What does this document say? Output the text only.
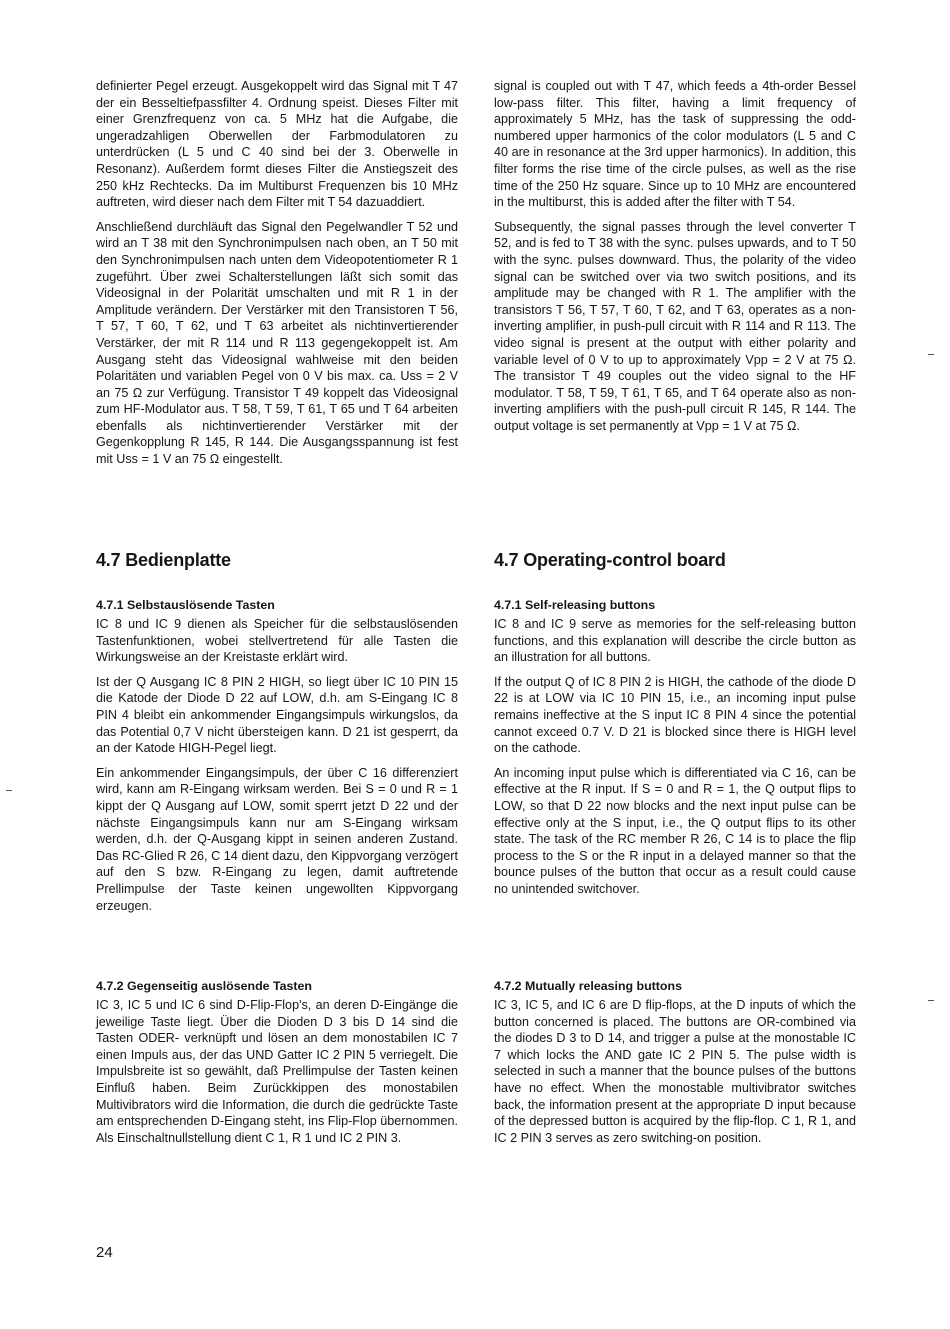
definierter Pegel erzeugt. Ausgekoppelt wird das Signal mit T 47 der ein Besseltiefpassfilter 4. Ordnung speist. Dieses Filter mit einer Grenzfrequenz von ca. 5 MHz hat die Aufgabe, die ungeradzahligen Oberwellen der Farbmodulatoren zu unterdrücken (L 5 und C 40 sind bei der 3. Oberwelle in Resonanz). Außerdem formt dieses Filter die Anstiegszeit des 250 kHz Rechtecks. Da im Multiburst Frequenzen bis 10 MHz auftreten, wird dieser nach dem Filter mit T 54 dazuaddiert.

Anschließend durchläuft das Signal den Pegelwandler T 52 und wird an T 38 mit den Synchronimpulsen nach oben, an T 50 mit den Synchronimpulsen nach unten dem Videopotentiometer R 1 zugeführt. Über zwei Schalterstellungen läßt sich somit das Videosignal in der Polarität umschalten und mit R 1 in der Amplitude verändern. Der Verstärker mit den Transistoren T 56, T 57, T 60, T 62, und T 63 arbeitet als nichtinvertierender Verstärker, der mit R 114 und R 113 gegengekoppelt ist. Am Ausgang steht das Videosignal wahlweise mit den beiden Polaritäten und variablen Pegel von 0 V bis max. ca. Uss = 2 V an 75 Ω zur Verfügung. Transistor T 49 koppelt das Videosignal zum HF-Modulator aus. T 58, T 59, T 61, T 65 und T 64 arbeiten ebenfalls als nichtinvertierender Verstärker mit der Gegenkopplung R 145, R 144. Die Ausgangsspannung ist fest mit Uss = 1 V an 75 Ω eingestellt.

signal is coupled out with T 47, which feeds a 4th-order Bessel low-pass filter. This filter, having a limit frequency of approximately 5 MHz, has the task of suppressing the odd-numbered upper harmonics of the color modulators (L 5 and C 40 are in resonance at the 3rd upper harmonics). In addition, this filter forms the rise time of the circle pulses, as well as the rise time of the 250 Hz square. Since up to 10 MHz are encountered in the multiburst, this is added after the filter with T 54.

Subsequently, the signal passes through the level converter T 52, and is fed to T 38 with the sync. pulses upwards, and to T 50 with the sync. pulses downward. Thus, the polarity of the video signal can be switched over via two switch positions, and its amplitude may be changed with R 1. The amplifier with the transistors T 56, T 57, T 60, T 62, and T 63, operates as a non-inverting amplifier, in push-pull circuit with R 114 and R 113. The video signal is present at the output with either polarity and variable level of 0 V to up to approximately Vpp = 2 V at 75 Ω. The transistor T 49 couples out the video signal to the HF modulator. T 58, T 59, T 61, T 65, and T 64 operate also as non-inverting amplifiers with the push-pull circuit R 145, R 144. The output voltage is set permanently at Vpp = 1 V at 75 Ω.

4.7 Bedienplatte	4.7 Operating-control board
4.7.1 Selbstauslösende Tasten

IC 8 und IC 9 dienen als Speicher für die selbstauslösenden Tastenfunktionen, wobei stellvertretend für alle Tasten die Wirkungsweise an der Kreistaste erklärt wird.

Ist der Q Ausgang IC 8 PIN 2 HIGH, so liegt über IC 10 PIN 15 die Katode der Diode D 22 auf LOW, d.h. am S-Eingang IC 8 PIN 4 bleibt ein ankommender Eingangsimpuls wirkungslos, da das Potential 0,7 V nicht übersteigen kann. D 21 ist gesperrt, da an der Katode HIGH-Pegel liegt.

Ein ankommender Eingangsimpuls, der über C 16 differenziert wird, kann am R-Eingang wirksam werden. Bei S = 0 und R = 1 kippt der Q Ausgang auf LOW, somit sperrt jetzt D 22 und der nächste Eingangsimpuls kann nur am S-Eingang wirksam werden, d.h. der Q-Ausgang kippt in seinen anderen Zustand. Das RC-Glied R 26, C 14 dient dazu, den Kippvorgang verzögert auf den S bzw. R-Eingang zu legen, damit auftretende Prellimpulse der Taste keinen ungewollten Kippvorgang erzeugen.

4.7.1 Self-releasing buttons

IC 8 and IC 9 serve as memories for the self-releasing button functions, and this explanation will describe the circle button as an illustration for all buttons.

If the output Q of IC 8 PIN 2 is HIGH, the cathode of the diode D 22 is at LOW via IC 10 PIN 15, i.e., an incoming input pulse remains ineffective at the S input IC 8 PIN 4 since the potential cannot exceed 0.7 V. D 21 is blocked since there is HIGH level on the cathode.

An incoming input pulse which is differentiated via C 16, can be effective at the R input. If S = 0 and R = 1, the Q output flips to LOW, so that D 22 now blocks and the next input pulse can be effective only at the S input, i.e., the Q output flips to its other state. The task of the RC member R 26, C 14 is to place the flip process to the S or the R input in a delayed manner so that the bounce pulses of the button that occur as a result could cause no unintended switchover.

4.7.2 Gegenseitig auslösende Tasten

IC 3, IC 5 und IC 6 sind D-Flip-Flop's, an deren D-Eingänge die jeweilige Taste liegt. Über die Dioden D 3 bis D 14 sind die Tasten ODER- verknüpft und lösen an dem monostabilen IC 7 einen Impuls aus, der das UND Gatter IC 2 PIN 5 verriegelt. Die Impulsbreite ist so gewählt, daß Prellimpulse der Tasten keinen Einfluß haben. Beim Zurückkippen des monostabilen Multivibrators wird die Information, die durch die gedrückte Taste am entsprechenden D-Eingang steht, ins Flip-Flop übernommen. Als Einschaltnullstellung dient C 1, R 1 und IC 2 PIN 3.

4.7.2 Mutually releasing buttons

IC 3, IC 5, and IC 6 are D flip-flops, at the D inputs of which the button concerned is placed. The buttons are OR-combined via the diodes D 3 to D 14, and trigger a pulse at the monostable IC 7 which locks the AND gate IC 2 PIN 5. The pulse width is selected in such a manner that the bounce pulses of the buttons have no effect. When the monostable multivibrator switches back, the information present at the appropriate D input because of the depressed button is acquired by the flip-flop. C 1, R 1, and IC 2 PIN 3 serves as zero switching-on position.

24
